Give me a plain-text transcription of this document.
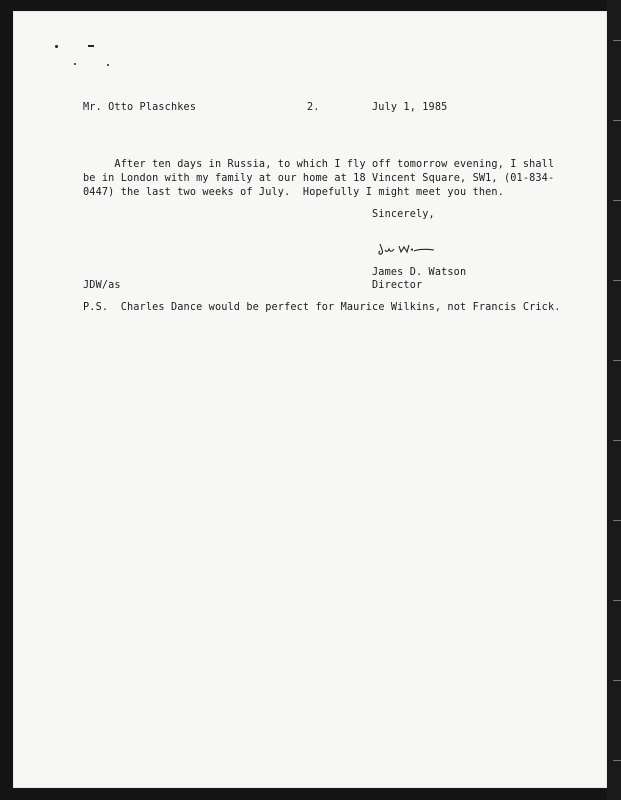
Mr. Otto Plaschkes	2.	July 1, 1985
After ten days in Russia, to which I fly off tomorrow evening, I shall
be in London with my family at our home at 18 Vincent Square, SW1, (01-834-
0447) the last two weeks of July.  Hopefully I might meet you then.
Sincerely,
James D. Watson
JDW/as	Director
P.S.  Charles Dance would be perfect for Maurice Wilkins, not Francis Crick.
